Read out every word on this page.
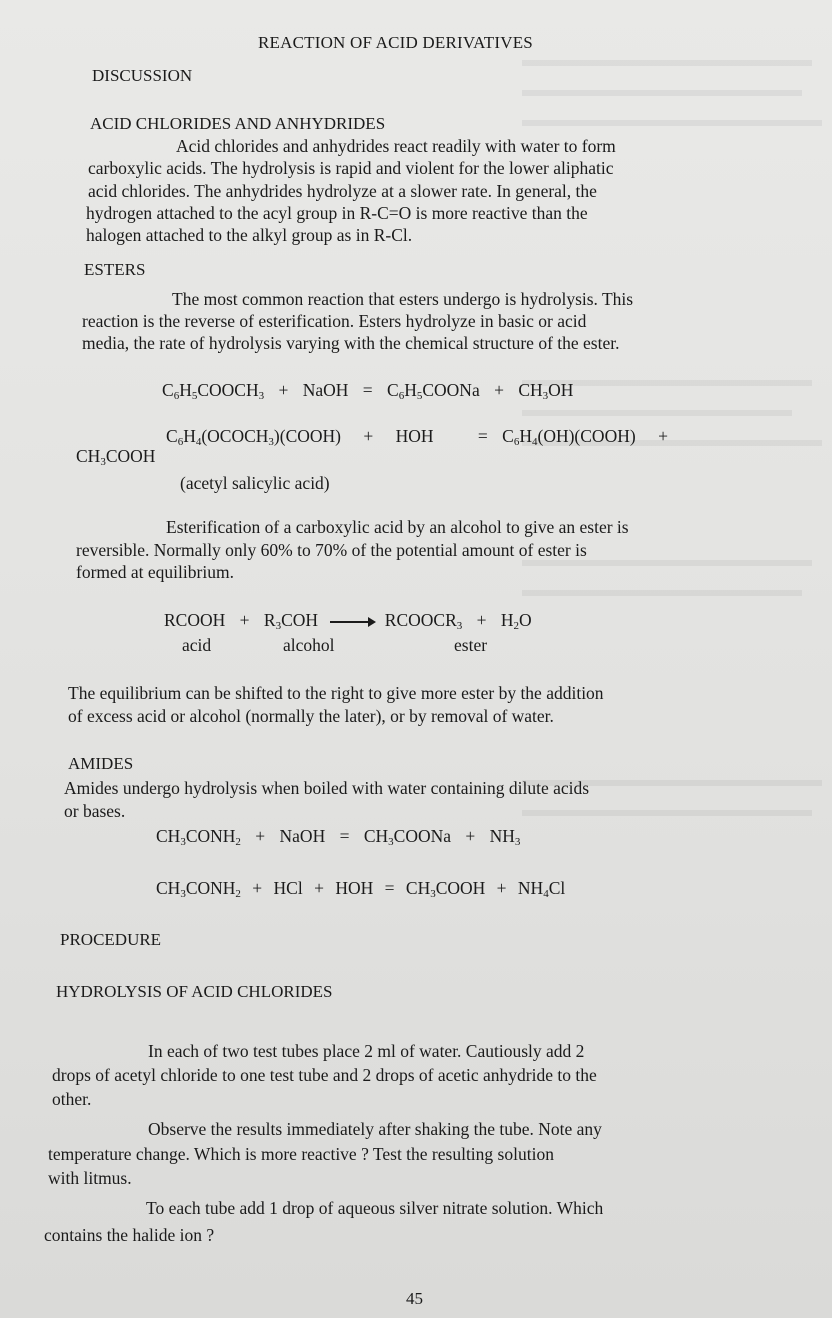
REACTION OF ACID DERIVATIVES
DISCUSSION
ACID CHLORIDES AND ANHYDRIDES
Acid chlorides and anhydrides react readily with water to form
carboxylic acids. The hydrolysis is rapid and violent for the lower aliphatic
acid chlorides. The anhydrides hydrolyze at a slower rate. In general, the
hydrogen attached to the acyl group in R-C=O is more reactive than the
halogen attached to the alkyl group as in R-Cl.
ESTERS
The most common reaction that esters undergo is hydrolysis. This
reaction is the reverse of esterification. Esters hydrolyze in basic or acid
media, the rate of hydrolysis varying with the chemical structure of the ester.
$C_6H_5COOCH_3$ + NaOH = $C_6H_5COONa + CH_3OH$
$C_6H_4(OCOCH_3)(COOH)$ + HOH	= $C_6H_4(OH)(COOH)$ +
$CH_3COOH$
(acetyl salicylic acid)
Esterification of a carboxylic acid by an alcohol to give an ester is
reversible. Normally only 60% to 70% of the potential amount of ester is
formed at equilibrium.
RCOOH + $R_3COH$ → $RCOOCR_3 + H_2O$
acid	alcohol	ester
The equilibrium can be shifted to the right to give more ester by the addition
of excess acid or alcohol (normally the later), or by removal of water.
AMIDES
Amides undergo hydrolysis when boiled with water containing dilute acids
or bases.
$CH_3CONH_2$ + NaOH = $CH_3COONa + NH_3$
$CH_3CONH_2$ + HCl + HOH = $CH_3COOH + NH_4Cl$
PROCEDURE
HYDROLYSIS OF ACID CHLORIDES
In each of two test tubes place 2 ml of water. Cautiously add 2
drops of acetyl chloride to one test tube and 2 drops of acetic anhydride to the
other.
Observe the results immediately after shaking the tube. Note any
temperature change. Which is more reactive ? Test the resulting solution
with litmus.
To each tube add 1 drop of aqueous silver nitrate solution. Which
contains the halide ion ?
45
